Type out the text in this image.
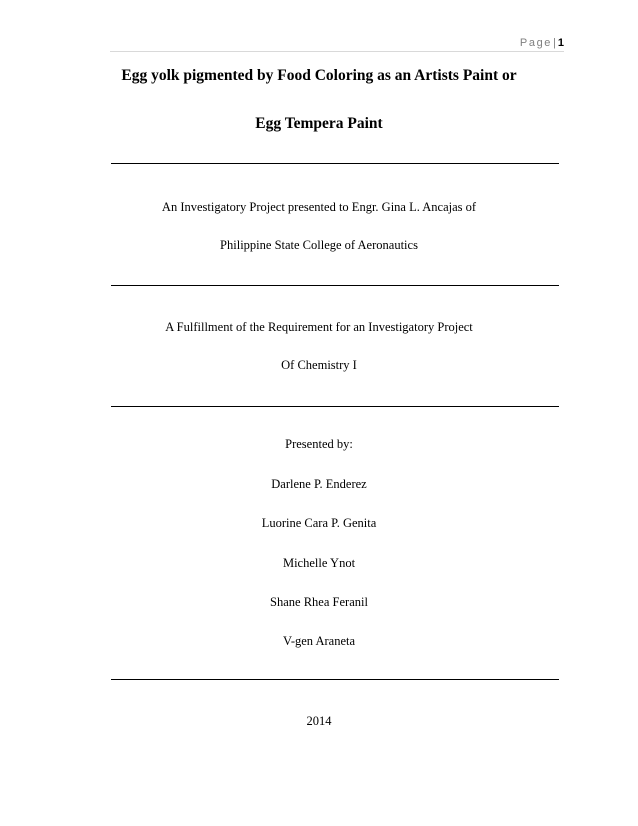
Page| 1
Egg yolk pigmented by Food Coloring as an Artists Paint or
Egg Tempera Paint
An Investigatory Project presented to Engr. Gina L. Ancajas of
Philippine State College of Aeronautics
A Fulfillment of the Requirement for an Investigatory Project
Of Chemistry I
Presented by:
Darlene P. Enderez
Luorine Cara P. Genita
Michelle Ynot
Shane Rhea Feranil
V-gen Araneta
2014
